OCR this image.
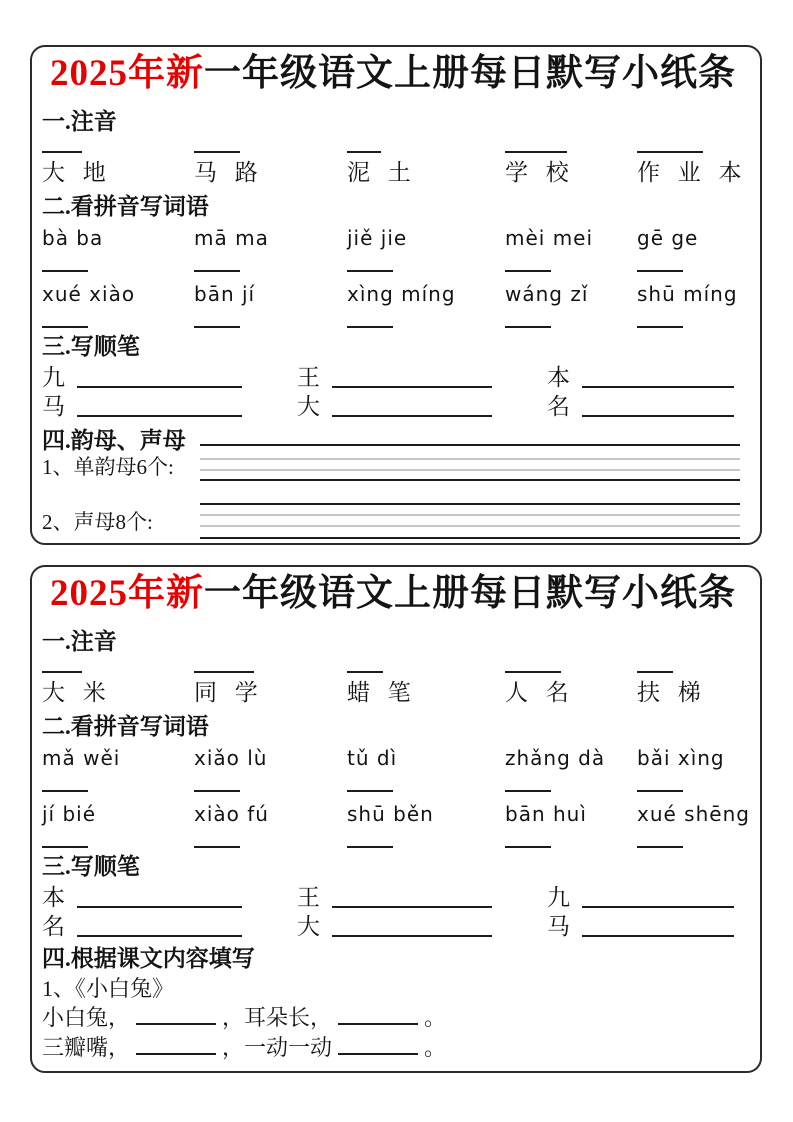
2025年新一年级语文上册每日默写小纸条
一.注音
大 地	马 路	泥 土	学 校	作 业 本
二.看拼音写词语
bà ba	mā ma	jiě jie	mèi mei	gē ge
xué xiào	bān jí	xìng míng	wáng zǐ	shū míng
三.写顺笔
九	王	本
马	大	名
四.韵母、声母
1、单韵母6个:
2、声母8个:
2025年新一年级语文上册每日默写小纸条
一.注音
大 米	同 学	蜡 笔	人 名	扶 梯
二.看拼音写词语
mǎ wěi	xiǎo lù	tǔ dì	zhǎng dà	bǎi xìng
jí bié	xiào fú	shū běn	bān huì	xué shēng
三.写顺笔
本	王	九
名	大	马
四.根据课文内容填写
1、《小白兔》
小白兔，	，耳朵长，	。
三瓣嘴，	，一动一动	。
